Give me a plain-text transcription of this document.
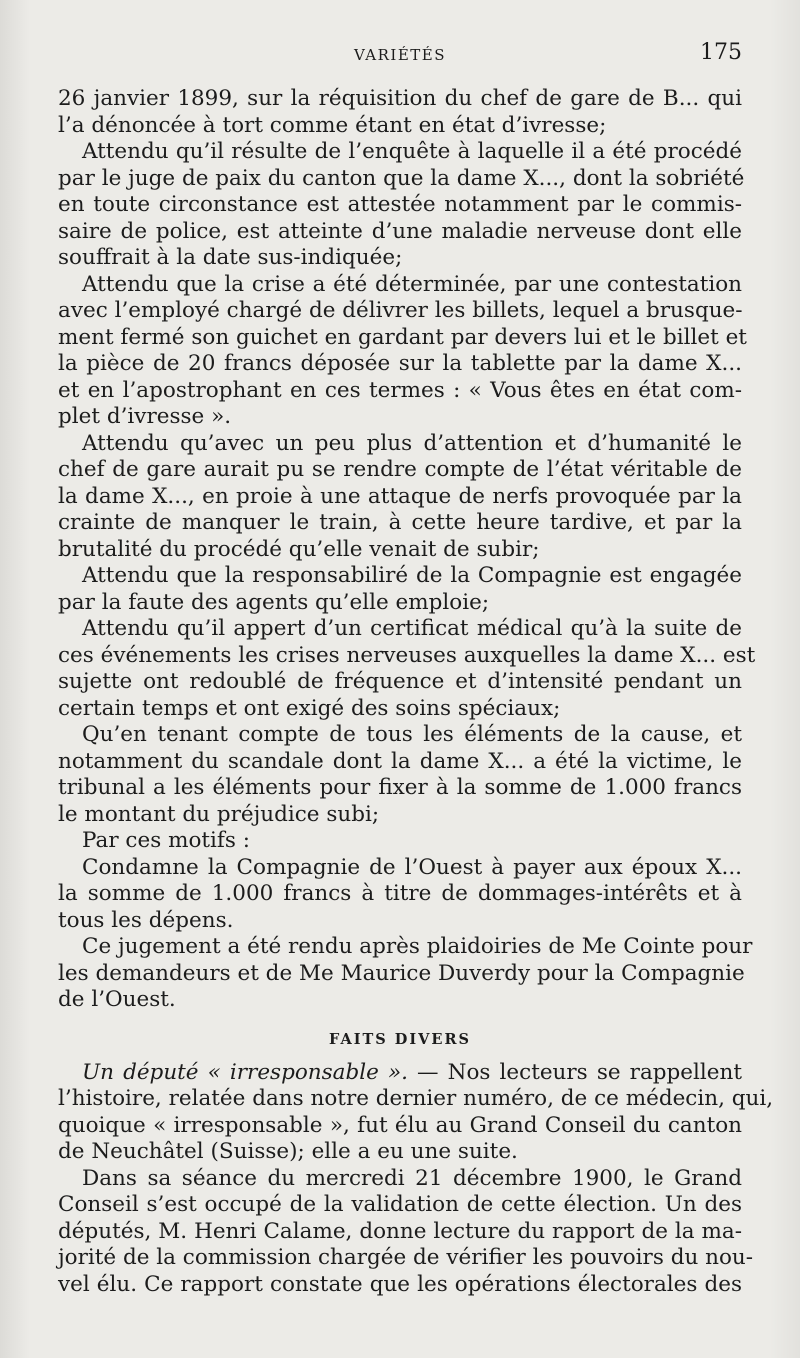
VARIÉTÉS	175
26 janvier 1899, sur la réquisition du chef de gare de B... qui
l’a dénoncée à tort comme étant en état d’ivresse;
Attendu qu’il résulte de l’enquête à laquelle il a été procédé
par le juge de paix du canton que la dame X..., dont la sobriété
en toute circonstance est attestée notamment par le commis-
saire de police, est atteinte d’une maladie nerveuse dont elle
souffrait à la date sus-indiquée;
Attendu que la crise a été déterminée, par une contestation
avec l’employé chargé de délivrer les billets, lequel a brusque-
ment fermé son guichet en gardant par devers lui et le billet et
la pièce de 20 francs déposée sur la tablette par la dame X...
et en l’apostrophant en ces termes : « Vous êtes en état com-
plet d’ivresse ».
Attendu qu’avec un peu plus d’attention et d’humanité le
chef de gare aurait pu se rendre compte de l’état véritable de
la dame X..., en proie à une attaque de nerfs provoquée par la
crainte de manquer le train, à cette heure tardive, et par la
brutalité du procédé qu’elle venait de subir;
Attendu que la responsabiliré de la Compagnie est engagée
par la faute des agents qu’elle emploie;
Attendu qu’il appert d’un certificat médical qu’à la suite de
ces événements les crises nerveuses auxquelles la dame X... est
sujette ont redoublé de fréquence et d’intensité pendant un
certain temps et ont exigé des soins spéciaux;
Qu’en tenant compte de tous les éléments de la cause, et
notamment du scandale dont la dame X... a été la victime, le
tribunal a les éléments pour fixer à la somme de 1.000 francs
le montant du préjudice subi;
Par ces motifs :
Condamne la Compagnie de l’Ouest à payer aux époux X...
la somme de 1.000 francs à titre de dommages-intérêts et à
tous les dépens.
Ce jugement a été rendu après plaidoiries de Me Cointe pour
les demandeurs et de Me Maurice Duverdy pour la Compagnie
de l’Ouest.
FAITS DIVERS
Un député « irresponsable ». — Nos lecteurs se rappellent
l’histoire, relatée dans notre dernier numéro, de ce médecin, qui,
quoique « irresponsable », fut élu au Grand Conseil du canton
de Neuchâtel (Suisse); elle a eu une suite.
Dans sa séance du mercredi 21 décembre 1900, le Grand
Conseil s’est occupé de la validation de cette élection. Un des
députés, M. Henri Calame, donne lecture du rapport de la ma-
jorité de la commission chargée de vérifier les pouvoirs du nou-
vel élu. Ce rapport constate que les opérations électorales des
